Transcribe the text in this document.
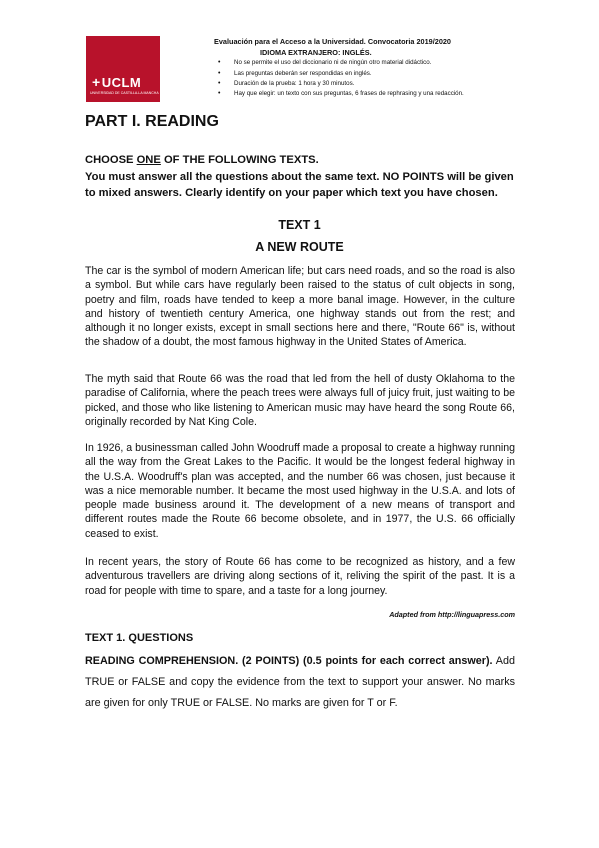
+UCLM
UNIVERSIDAD DE CASTILLA-LA MANCHA
Evaluación para el Acceso a la Universidad. Convocatoria 2019/2020
IDIOMA EXTRANJERO: INGLÉS.
• No se permite el uso del diccionario ni de ningún otro material didáctico.
• Las preguntas deberán ser respondidas en inglés.
• Duración de la prueba: 1 hora y 30 minutos.
• Hay que elegir: un texto con sus preguntas, 6 frases de rephrasing y una redacción.
PART I. READING
CHOOSE ONE OF THE FOLLOWING TEXTS.
You must answer all the questions about the same text. NO POINTS will be given to mixed answers. Clearly identify on your paper which text you have chosen.
TEXT 1
A NEW ROUTE

The car is the symbol of modern American life; but cars need roads, and so the road is also a symbol. But while cars have regularly been raised to the status of cult objects in song, poetry and film, roads have tended to keep a more banal image. However, in the culture and history of twentieth century America, one highway stands out from the rest; and although it no longer exists, except in small sections here and there, "Route 66" is, without the shadow of a doubt, the most famous highway in the United States of America.

The myth said that Route 66 was the road that led from the hell of dusty Oklahoma to the paradise of California, where the peach trees were always full of juicy fruit, just waiting to be picked, and those who like listening to American music may have heard the song Route 66, originally recorded by Nat King Cole.

In 1926, a businessman called John Woodruff made a proposal to create a highway running all the way from the Great Lakes to the Pacific. It would be the longest federal highway in the U.S.A. Woodruff's plan was accepted, and the number 66 was chosen, just because it was a nice memorable number. It became the most used highway in the U.S.A. and lots of people made business around it. The development of a new means of transport and different routes made the Route 66 become obsolete, and in 1977, the U.S. 66 officially ceased to exist.

In recent years, the story of Route 66 has come to be recognized as history, and a few adventurous travellers are driving along sections of it, reliving the spirit of the past. It is a road for people with time to spare, and a taste for a long journey.

Adapted from http://linguapress.com
TEXT 1. QUESTIONS
READING COMPREHENSION. (2 POINTS) (0.5 points for each correct answer). Add TRUE or FALSE and copy the evidence from the text to support your answer. No marks are given for only TRUE or FALSE. No marks are given for T or F.
